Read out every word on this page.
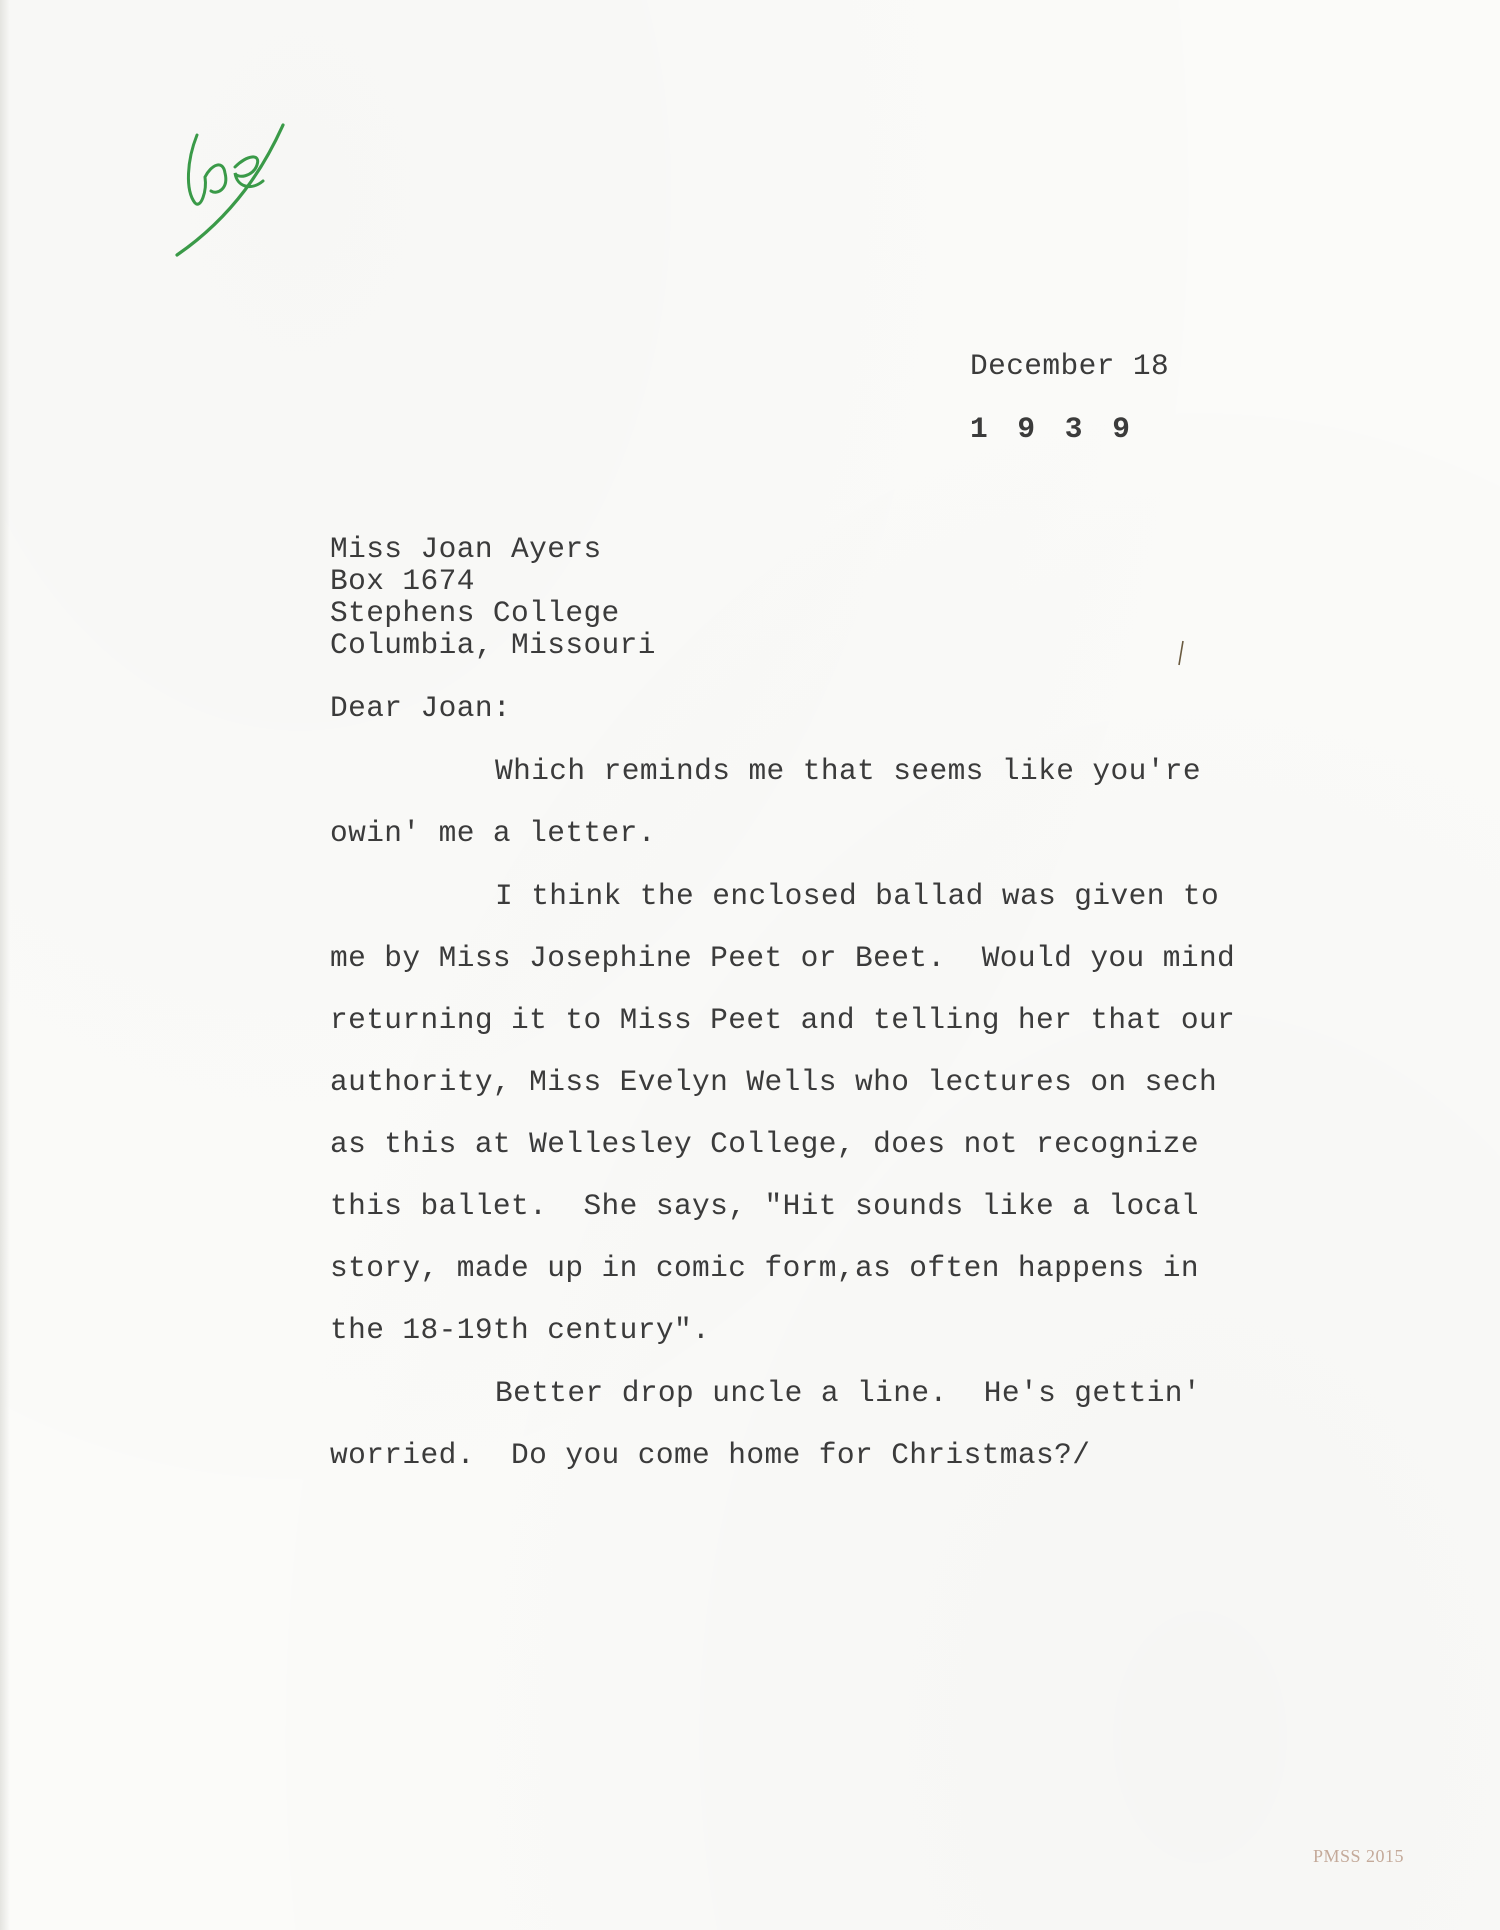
December 18
1 9 3 9
Miss Joan Ayers
Box 1674
Stephens College
Columbia, Missouri
Dear Joan:
Which reminds me that seems like you're
owin' me a letter.
I think the enclosed ballad was given to
me by Miss Josephine Peet or Beet.  Would you mind
returning it to Miss Peet and telling her that our
authority, Miss Evelyn Wells who lectures on sech
as this at Wellesley College, does not recognize
this ballet.  She says, "Hit sounds like a local
story, made up in comic form,as often happens in
the 18-19th century".
Better drop uncle a line.  He's gettin'
worried.  Do you come home for Christmas?/
PMSS 2015
